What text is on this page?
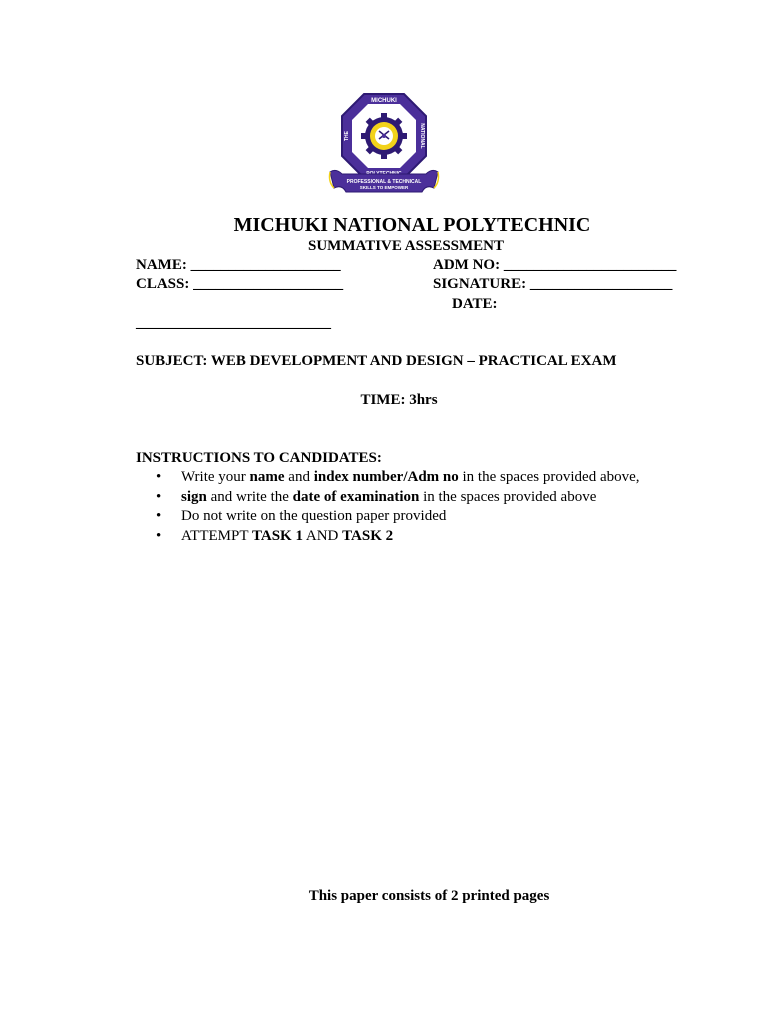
MICHUKI
THE	NATIONAL
PROFESSIONAL & TECHNICAL
SKILLS TO EMPOWER
MICHUKI NATIONAL POLYTECHNIC
SUMMATIVE ASSESSMENT
NAME: ____________________	ADM NO: _______________________
CLASS: ____________________	SIGNATURE: ___________________
DATE:
__________________________
SUBJECT: WEB DEVELOPMENT AND DESIGN – PRACTICAL EXAM
TIME: 3hrs
INSTRUCTIONS TO CANDIDATES:
• Write your name and index number/Adm no in the spaces provided above,
• sign and write the date of examination in the spaces provided above
• Do not write on the question paper provided
• ATTEMPT TASK 1 AND TASK 2
This paper consists of 2 printed pages
